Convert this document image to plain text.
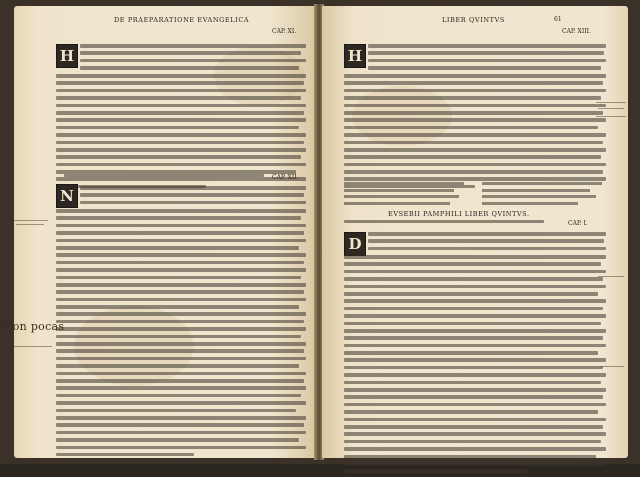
DE PRAEPARATIONE EVANGELICA
CAP. XI.
H
CAP. XII.
N
Con pocas
LIBER QVINTVS	61
CAP. XIII.
H
EVSEBII PAMPHILI LIBER QVINTVS.
CAP. I.
D
